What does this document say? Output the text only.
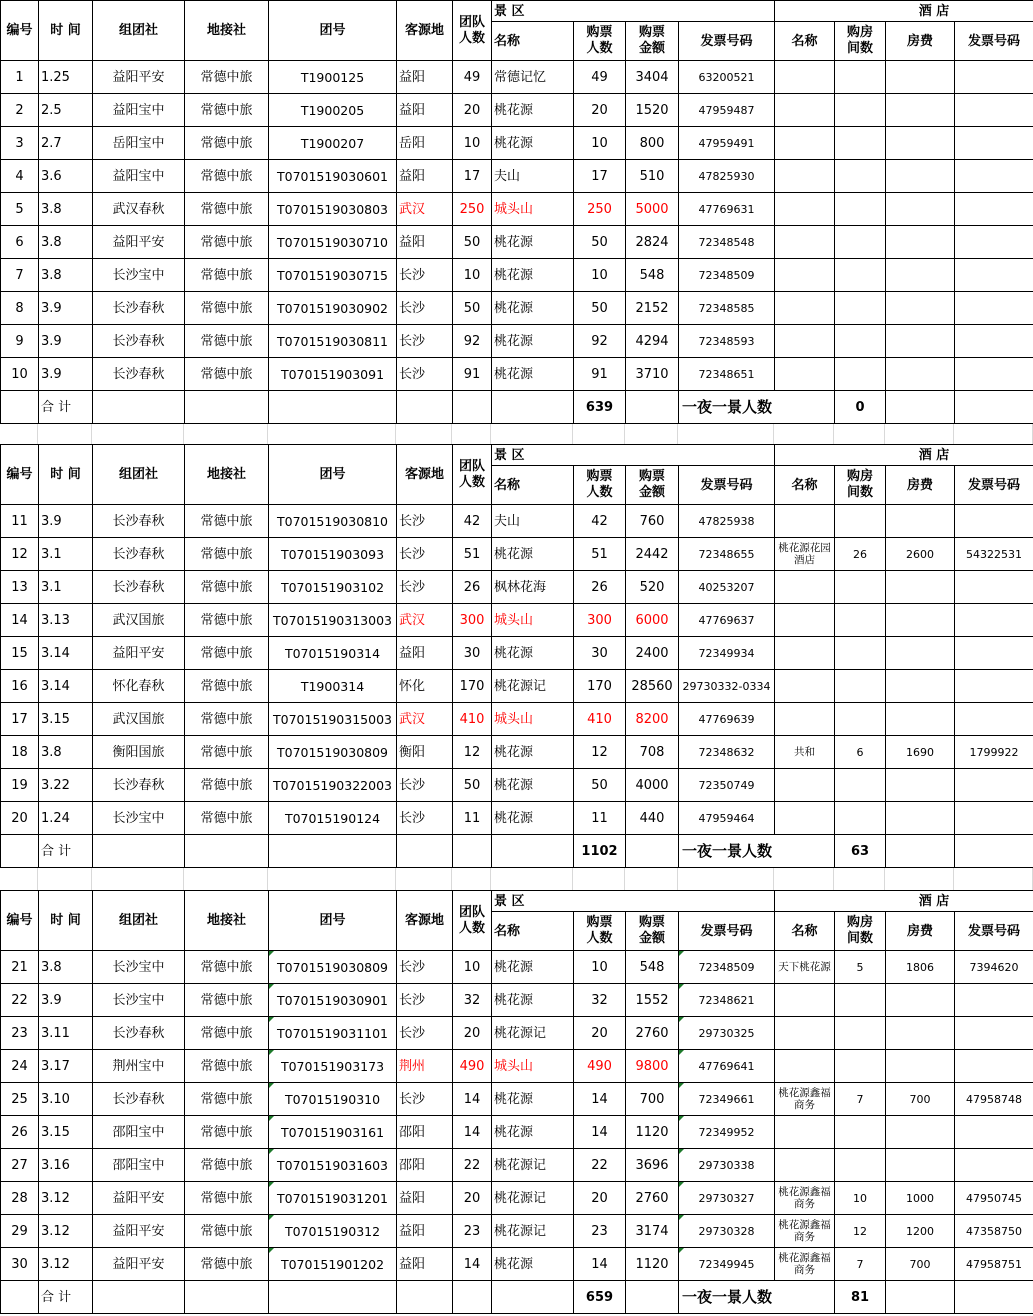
编号	时 间	组团社	地接社	团号	客源地	团队人数	景 区				酒 店			
							名称	购票人数	购票金额	发票号码	名称	购房间数	房费	发票号码
1	1.25	益阳平安	常德中旅	T1900125	益阳	49	常德记忆	49	3404	63200521				
2	2.5	益阳宝中	常德中旅	T1900205	益阳	20	桃花源	20	1520	47959487				
3	2.7	岳阳宝中	常德中旅	T1900207	岳阳	10	桃花源	10	800	47959491				
4	3.6	益阳宝中	常德中旅	T0701519030601	益阳	17	夫山	17	510	47825930				
5	3.8	武汉春秋	常德中旅	T0701519030803	武汉	250	城头山	250	5000	47769631				
6	3.8	益阳平安	常德中旅	T0701519030710	益阳	50	桃花源	50	2824	72348548				
7	3.8	长沙宝中	常德中旅	T0701519030715	长沙	10	桃花源	10	548	72348509				
8	3.9	长沙春秋	常德中旅	T0701519030902	长沙	50	桃花源	50	2152	72348585				
9	3.9	长沙春秋	常德中旅	T0701519030811	长沙	92	桃花源	92	4294	72348593				
10	3.9	长沙春秋	常德中旅	T070151903091	长沙	91	桃花源	91	3710	72348651				
	合 计							639		一夜一景人数		0		
编号	时 间	组团社	地接社	团号	客源地	团队人数	景 区				酒 店			
							名称	购票人数	购票金额	发票号码	名称	购房间数	房费	发票号码
11	3.9	长沙春秋	常德中旅	T0701519030810	长沙	42	夫山	42	760	47825938				
12	3.1	长沙春秋	常德中旅	T070151903093	长沙	51	桃花源	51	2442	72348655	桃花源花园酒店	26	2600	54322531
13	3.1	长沙春秋	常德中旅	T070151903102	长沙	26	枫林花海	26	520	40253207				
14	3.13	武汉国旅	常德中旅	T07015190313003	武汉	300	城头山	300	6000	47769637				
15	3.14	益阳平安	常德中旅	T07015190314	益阳	30	桃花源	30	2400	72349934				
16	3.14	怀化春秋	常德中旅	T1900314	怀化	170	桃花源记	170	28560	29730332-0334				
17	3.15	武汉国旅	常德中旅	T07015190315003	武汉	410	城头山	410	8200	47769639				
18	3.8	衡阳国旅	常德中旅	T0701519030809	衡阳	12	桃花源	12	708	72348632	共和	6	1690	1799922
19	3.22	长沙春秋	常德中旅	T07015190322003	长沙	50	桃花源	50	4000	72350749				
20	1.24	长沙宝中	常德中旅	T07015190124	长沙	11	桃花源	11	440	47959464				
	合 计							1102		一夜一景人数		63		
编号	时 间	组团社	地接社	团号	客源地	团队人数	景 区				酒 店			
							名称	购票人数	购票金额	发票号码	名称	购房间数	房费	发票号码
21	3.8	长沙宝中	常德中旅	T0701519030809	长沙	10	桃花源	10	548	72348509	天下桃花源	5	1806	7394620
22	3.9	长沙宝中	常德中旅	T0701519030901	长沙	32	桃花源	32	1552	72348621				
23	3.11	长沙春秋	常德中旅	T0701519031101	长沙	20	桃花源记	20	2760	29730325				
24	3.17	荆州宝中	常德中旅	T070151903173	荆州	490	城头山	490	9800	47769641				
25	3.10	长沙春秋	常德中旅	T07015190310	长沙	14	桃花源	14	700	72349661	桃花源鑫福商务	7	700	47958748
26	3.15	邵阳宝中	常德中旅	T070151903161	邵阳	14	桃花源	14	1120	72349952				
27	3.16	邵阳宝中	常德中旅	T0701519031603	邵阳	22	桃花源记	22	3696	29730338				
28	3.12	益阳平安	常德中旅	T0701519031201	益阳	20	桃花源记	20	2760	29730327	桃花源鑫福商务	10	1000	47950745
29	3.12	益阳平安	常德中旅	T07015190312	益阳	23	桃花源记	23	3174	29730328	桃花源鑫福商务	12	1200	47358750
30	3.12	益阳平安	常德中旅	T070151901202	益阳	14	桃花源	14	1120	72349945	桃花源鑫福商务	7	700	47958751
	合 计							659		一夜一景人数		81		
